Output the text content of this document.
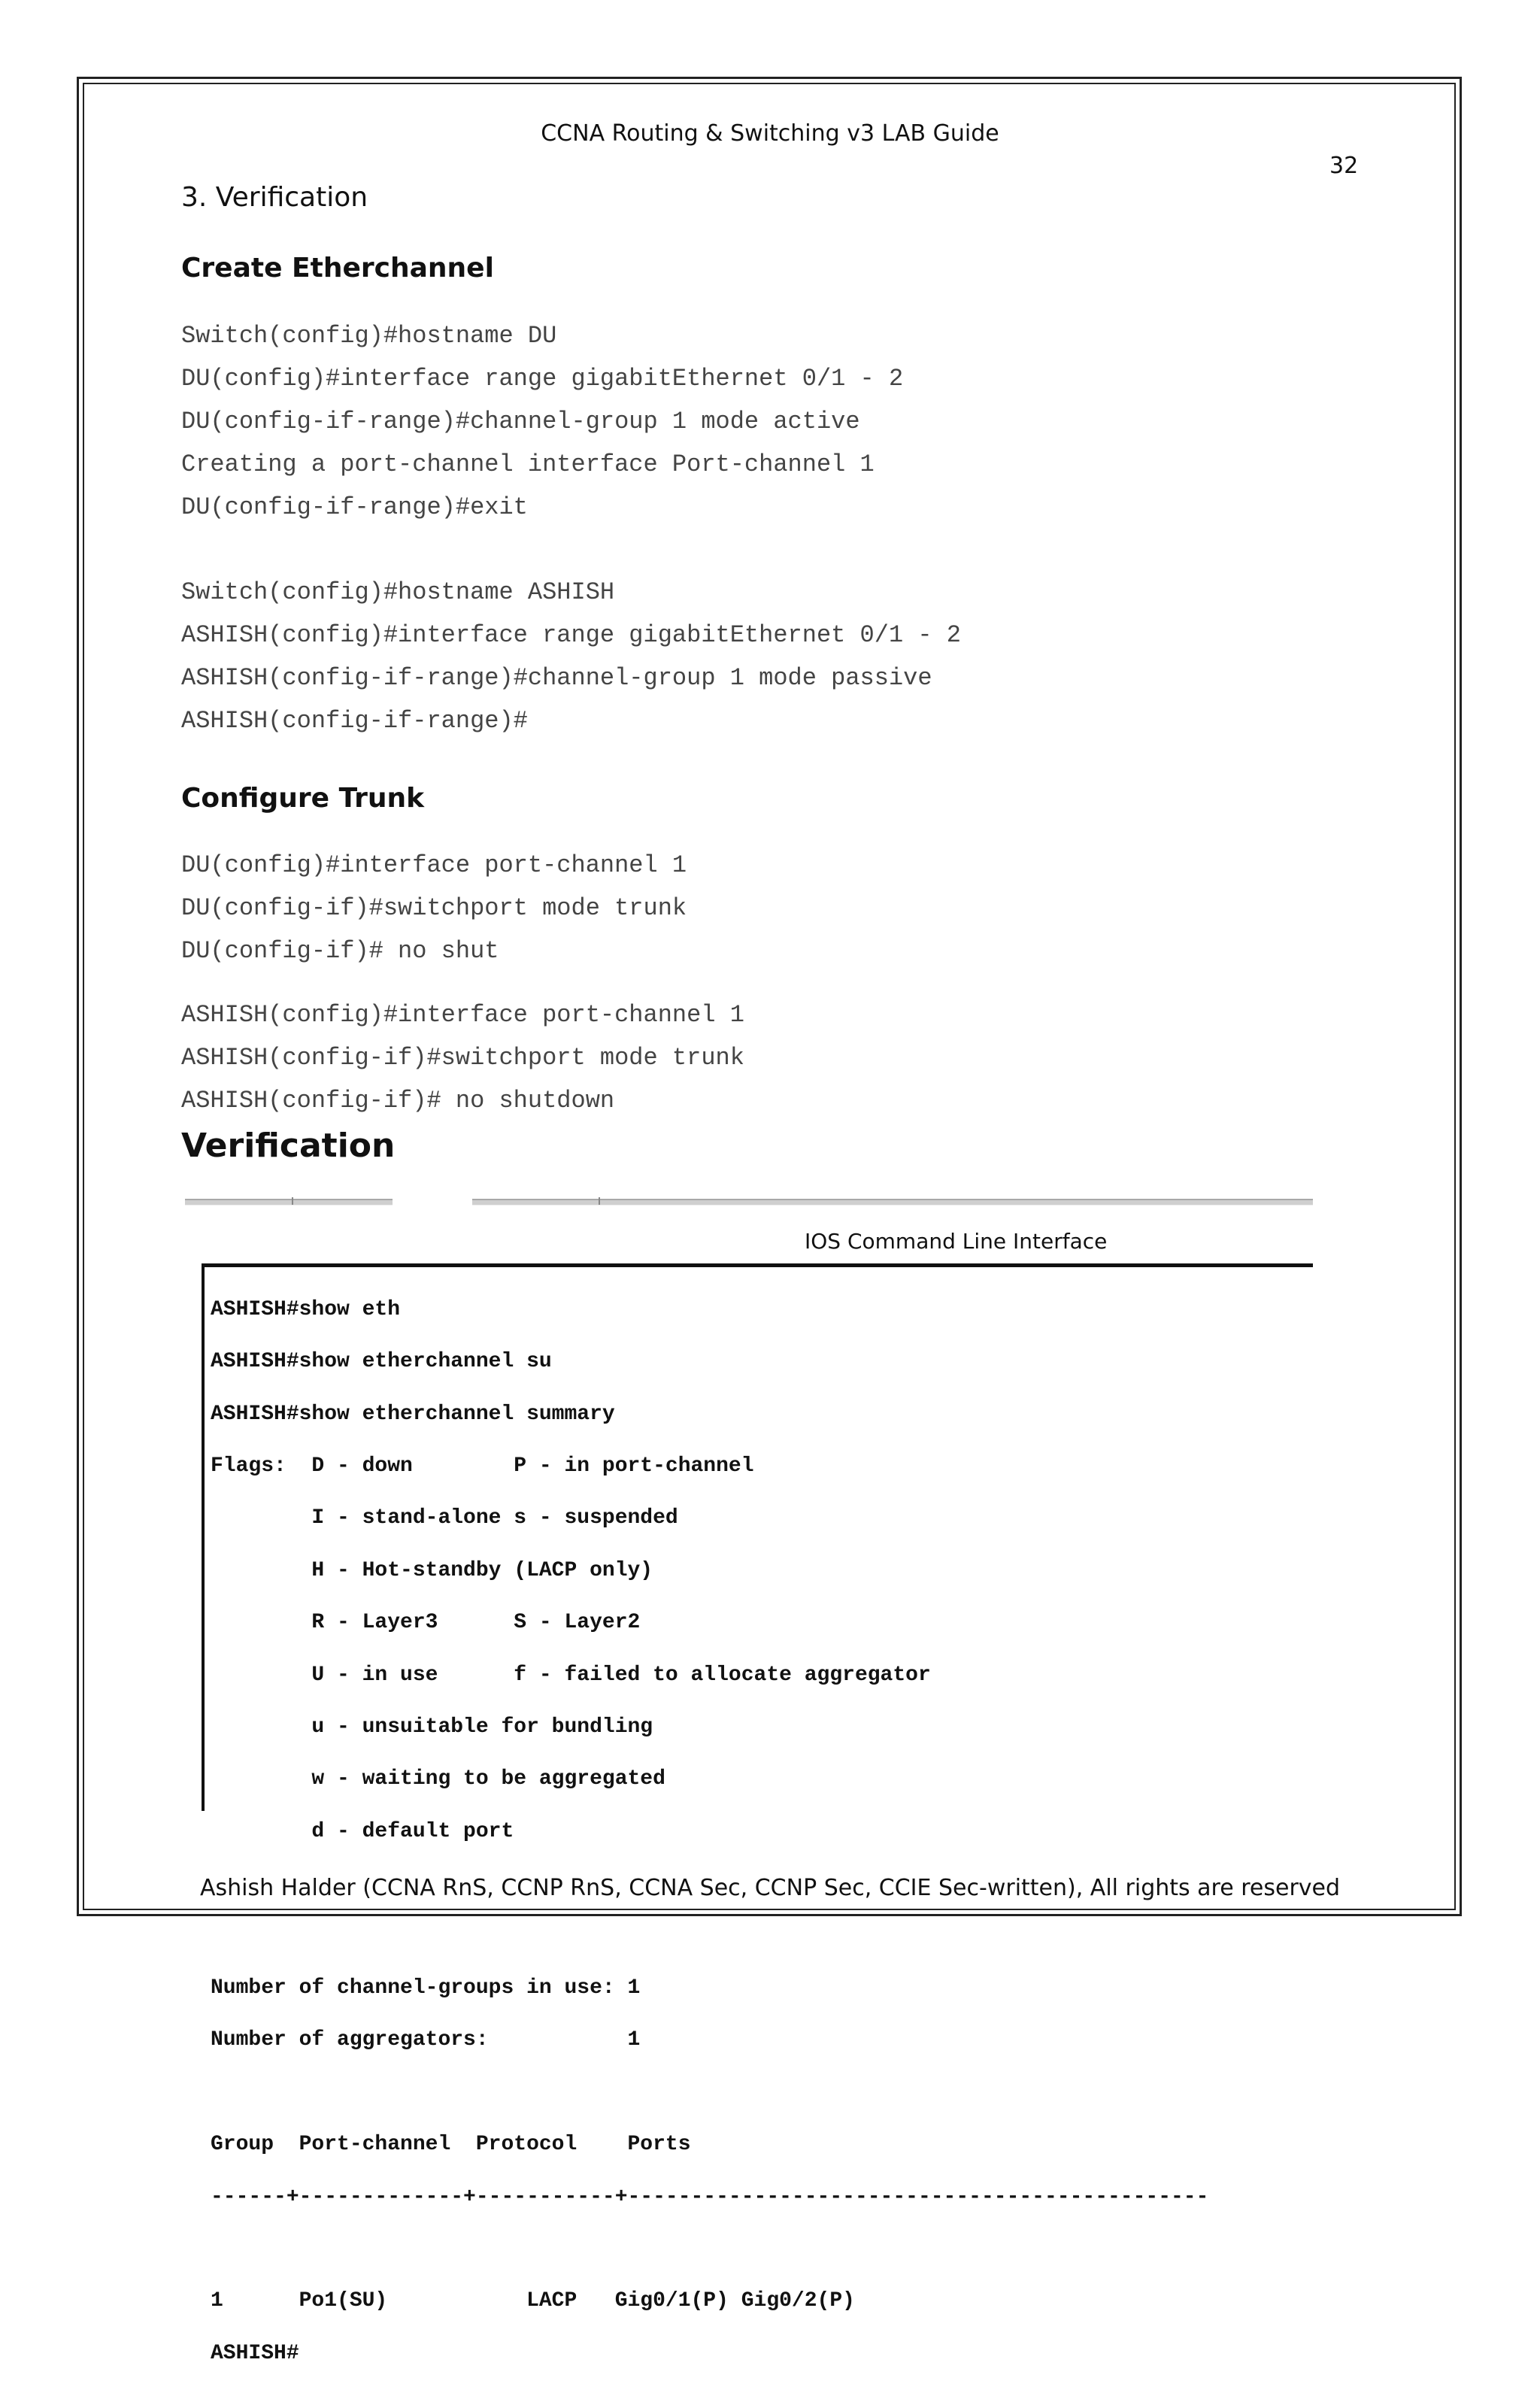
CCNA Routing & Switching v3 LAB Guide
32
3. Verification
Create Etherchannel
Switch(config)#hostname DU
DU(config)#interface range gigabitEthernet 0/1 - 2
DU(config-if-range)#channel-group 1 mode active
Creating a port-channel interface Port-channel 1
DU(config-if-range)#exit
Switch(config)#hostname ASHISH
ASHISH(config)#interface range gigabitEthernet 0/1 - 2
ASHISH(config-if-range)#channel-group 1 mode passive
ASHISH(config-if-range)#
Configure Trunk
DU(config)#interface port-channel 1
DU(config-if)#switchport mode trunk
DU(config-if)# no shut
ASHISH(config)#interface port-channel 1
ASHISH(config-if)#switchport mode trunk
ASHISH(config-if)# no shutdown
Verification
IOS Command Line Interface

ASHISH#show eth

ASHISH#show etherchannel su

ASHISH#show etherchannel summary

Flags:  D - down        P - in port-channel

I - stand-alone s - suspended

H - Hot-standby (LACP only)

R - Layer3      S - Layer2

U - in use      f - failed to allocate aggregator

u - unsuitable for bundling

w - waiting to be aggregated

d - default port

Number of channel-groups in use: 1

Number of aggregators:           1

Group  Port-channel  Protocol    Ports

------+-------------+-----------+----------------------------------------------

1      Po1(SU)           LACP   Gig0/1(P) Gig0/2(P)

ASHISH#

Ashish Halder (CCNA RnS, CCNP RnS, CCNA Sec, CCNP Sec, CCIE Sec-written), All rights are reserved
